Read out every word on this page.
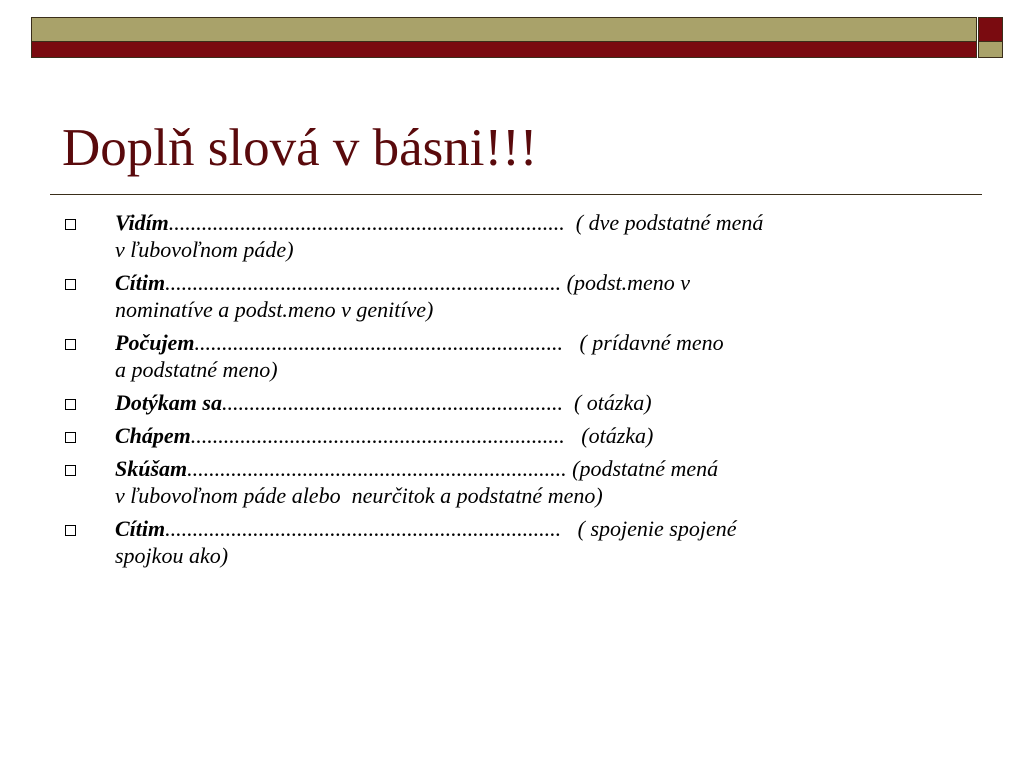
Doplň slová v básni!!!
Vidím........................................................................  ( dve podstatné mená
v ľubovoľnom páde)
Cítim........................................................................ (podst.meno v
nominatíve a podst.meno v genitíve)
Počujem...................................................................   ( prídavné meno
a podstatné meno)
Dotýkam sa..............................................................  ( otázka)
Chápem....................................................................   (otázka)
Skúšam..................................................................... (podstatné mená
v ľubovoľnom páde alebo  neurčitok a podstatné meno)
Cítim........................................................................   ( spojenie spojené
spojkou ako)
